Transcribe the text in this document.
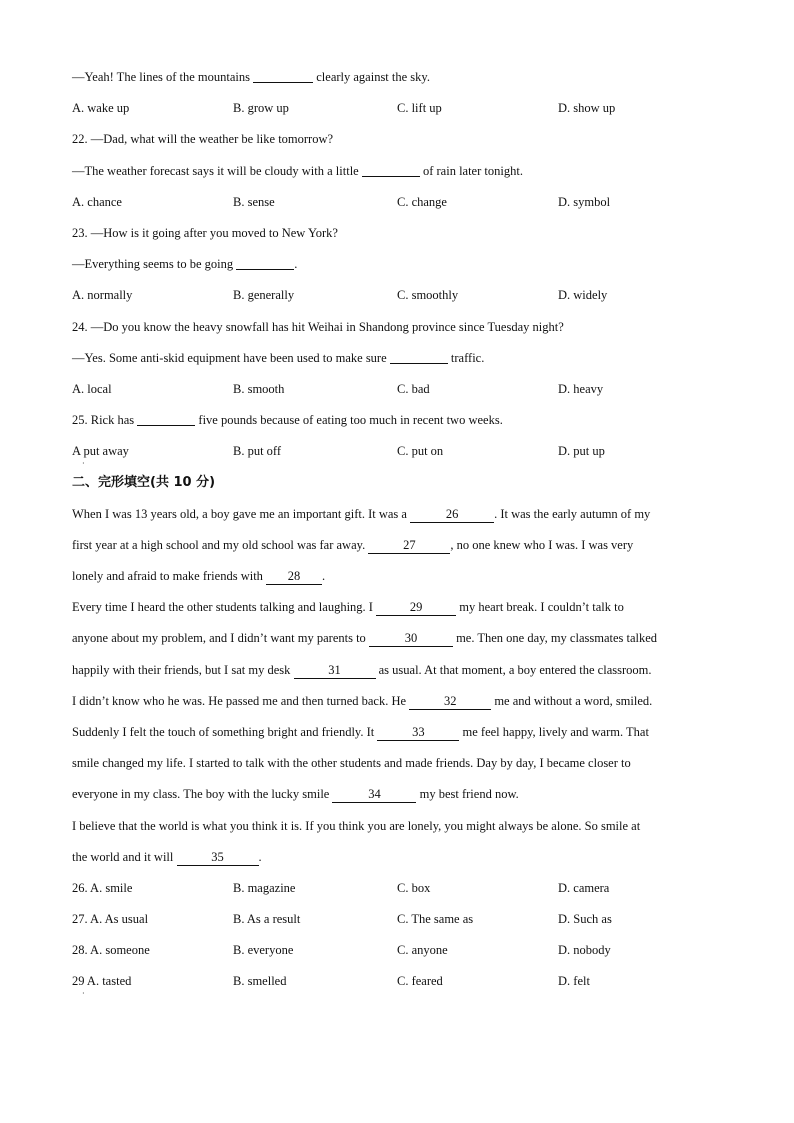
—Yeah! The lines of the mountains	clearly against the sky.
A. wake up	B. grow up	C. lift up	D. show up
22. —Dad, what will the weather be like tomorrow?
—The weather forecast says it will be cloudy with a little	of rain later tonight.
A. chance	B. sense	C. change	D. symbol
23. —How is it going after you moved to New York?
—Everything seems to be going	.
A. normally	B. generally	C. smoothly	D. widely
24. —Do you know the heavy snowfall has hit Weihai in Shandong province since Tuesday night?
—Yes. Some anti-skid equipment have been used to make sure	traffic.
A. local	B. smooth	C. bad	D. heavy
25. Rick has	five pounds because of eating too much in recent two weeks.
A put away	B. put off	C. put on	D. put up
·
二、完形填空(共 10 分)
When I was 13 years old, a boy gave me an important gift. It was a	26	. It was the early autumn of my
first year at a high school and my old school was far away.	27	, no one knew who I was. I was very
lonely and afraid to make friends with 28 .
Every time I heard the other students talking and laughing. I	29	my heart break. I couldn’t talk to
anyone about my problem, and I didn’t want my parents to	30	me. Then one day, my classmates talked
happily with their friends, but I sat my desk	31	as usual. At that moment, a boy entered the classroom.
I didn’t know who he was. He passed me and then turned back. He	32	me and without a word, smiled.
Suddenly I felt the touch of something bright and friendly. It	33	me feel happy, lively and warm. That
smile changed my life. I started to talk with the other students and made friends. Day by day, I became closer to
everyone in my class. The boy with the lucky smile	34	my best friend now.
I believe that the world is what you think it is. If you think you are lonely, you might always be alone. So smile at
the world and it will	35	.
26. A. smile	B. magazine	C. box	D. camera
27. A. As usual	B. As a result	C. The same as	D. Such as
28. A. someone	B. everyone	C. anyone	D. nobody
29 A. tasted	B. smelled	C. feared	D. felt
·
